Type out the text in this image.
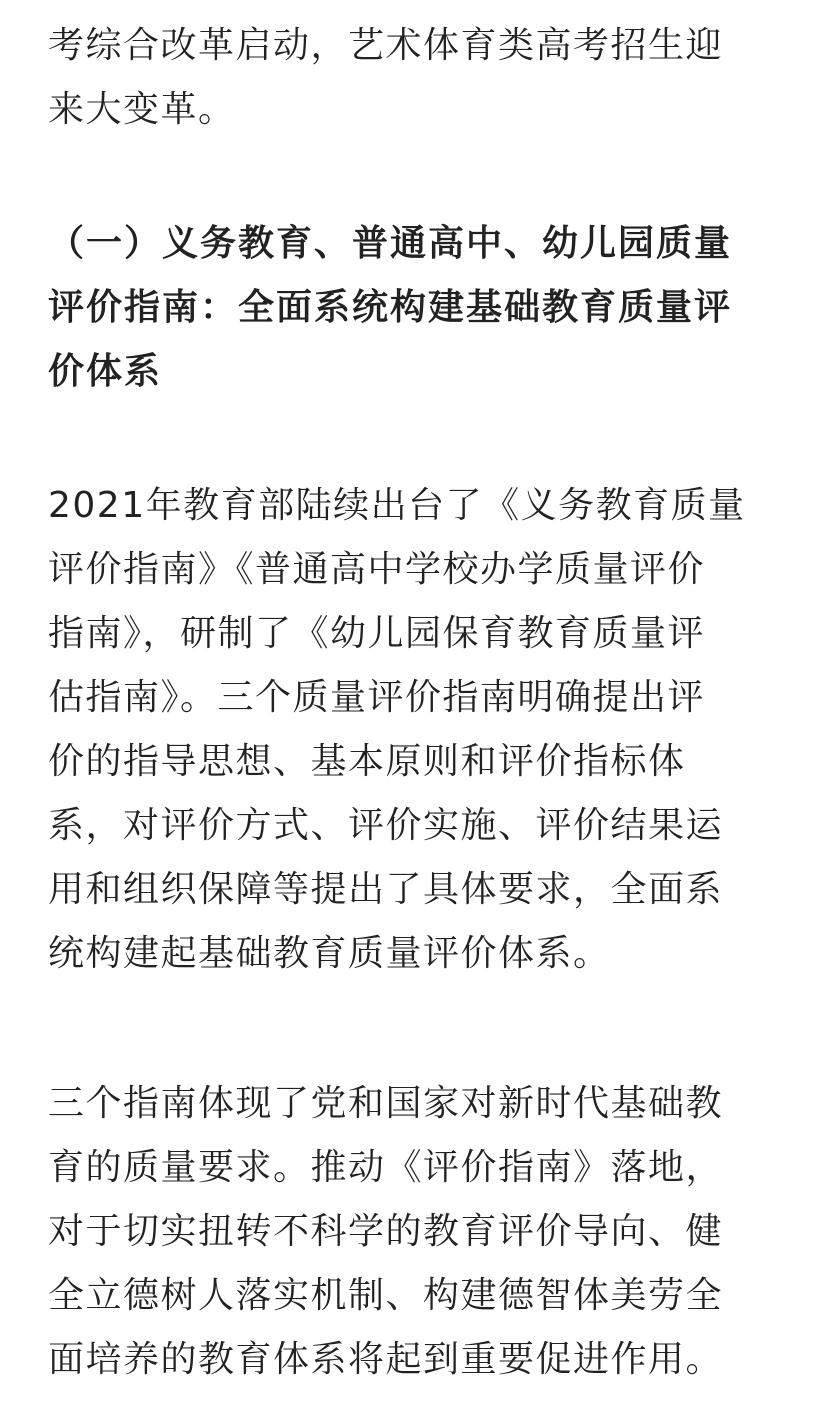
考综合改革启动，艺术体育类高考招生迎
来大变革。
（一）义务教育、普通高中、幼儿园质量
评价指南：全面系统构建基础教育质量评
价体系
2021年教育部陆续出台了《义务教育质量
评价指南》《普通高中学校办学质量评价
指南》，研制了《幼儿园保育教育质量评
估指南》。三个质量评价指南明确提出评
价的指导思想、基本原则和评价指标体
系，对评价方式、评价实施、评价结果运
用和组织保障等提出了具体要求，全面系
统构建起基础教育质量评价体系。
三个指南体现了党和国家对新时代基础教
育的质量要求。推动《评价指南》落地，
对于切实扭转不科学的教育评价导向、健
全立德树人落实机制、构建德智体美劳全
面培养的教育体系将起到重要促进作用。
